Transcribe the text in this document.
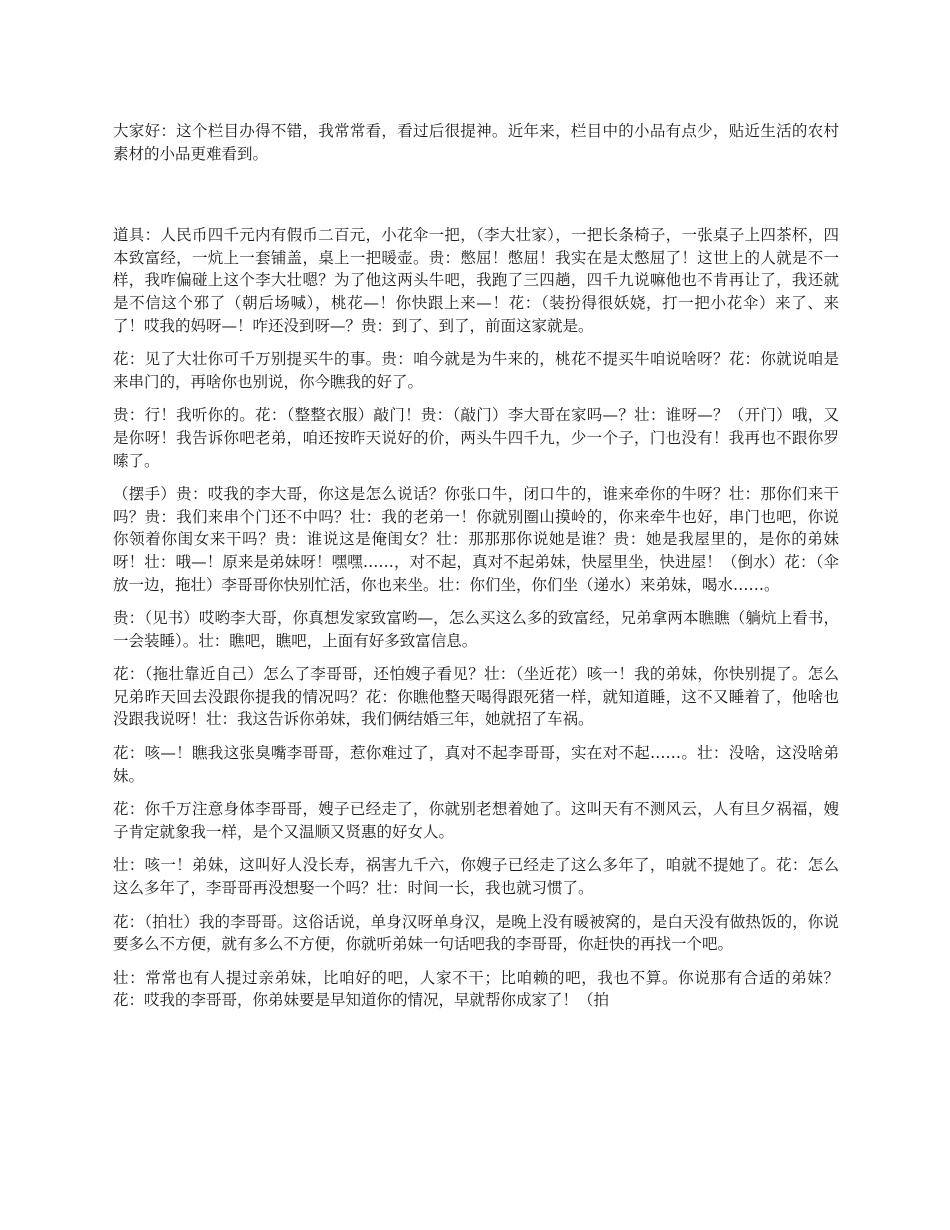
大家好：这个栏目办得不错，我常常看，看过后很提神。近年来，栏目中的小品有点少，贴近生活的农村素材的小品更难看到。

道具：人民币四千元内有假币二百元，小花伞一把，（李大壮家），一把长条椅子，一张桌子上四茶杯，四本致富经，一炕上一套铺盖，桌上一把暖壶。贵：憋屈！憋屈！我实在是太憋屈了！这世上的人就是不一样，我咋偏碰上这个李大壮嗯？为了他这两头牛吧，我跑了三四趟，四千九说嘛他也不肯再让了，我还就是不信这个邪了（朝后场喊），桃花—！你快跟上来—！花：（装扮得很妖娆，打一把小花伞）来了、来了！哎我的妈呀—！咋还没到呀—？贵：到了、到了，前面这家就是。

花：见了大壮你可千万别提买牛的事。贵：咱今就是为牛来的，桃花不提买牛咱说啥呀？花：你就说咱是来串门的，再啥你也别说，你今瞧我的好了。

贵：行！我听你的。花：（整整衣服）敲门！贵：（敲门）李大哥在家吗—？壮：谁呀—？（开门）哦，又是你呀！我告诉你吧老弟，咱还按昨天说好的价，两头牛四千九，少一个子，门也没有！我再也不跟你罗嗦了。

（摆手）贵：哎我的李大哥，你这是怎么说话？你张口牛，闭口牛的，谁来牵你的牛呀？壮：那你们来干吗？贵：我们来串个门还不中吗？壮：我的老弟一！你就别圈山摸岭的，你来牵牛也好，串门也吧，你说你领着你闺女来干吗？贵：谁说这是俺闺女？壮：那那那你说她是谁？贵：她是我屋里的，是你的弟妹呀！壮：哦—！原来是弟妹呀！嘿嘿……，对不起，真对不起弟妹，快屋里坐，快进屋！（倒水）花：（伞放一边，拖壮）李哥哥你快别忙活，你也来坐。壮：你们坐，你们坐（递水）来弟妹，喝水……。

贵：（见书）哎哟李大哥，你真想发家致富哟—，怎么买这么多的致富经，兄弟拿两本瞧瞧（躺炕上看书，一会装睡）。壮：瞧吧，瞧吧，上面有好多致富信息。

花：（拖壮靠近自己）怎么了李哥哥，还怕嫂子看见？壮：（坐近花）咳一！我的弟妹，你快别提了。怎么兄弟昨天回去没跟你提我的情况吗？花：你瞧他整天喝得跟死猪一样，就知道睡，这不又睡着了，他啥也没跟我说呀！壮：我这告诉你弟妹，我们俩结婚三年，她就招了车祸。

花：咳—！瞧我这张臭嘴李哥哥，惹你难过了，真对不起李哥哥，实在对不起……。壮：没啥，这没啥弟妹。

花：你千万注意身体李哥哥，嫂子已经走了，你就别老想着她了。这叫天有不测风云，人有旦夕祸福，嫂子肯定就象我一样，是个又温顺又贤惠的好女人。

壮：咳一！弟妹，这叫好人没长寿，祸害九千六，你嫂子已经走了这么多年了，咱就不提她了。花：怎么这么多年了，李哥哥再没想娶一个吗？壮：时间一长，我也就习惯了。

花：（拍壮）我的李哥哥。这俗话说，单身汉呀单身汉，是晚上没有暖被窝的，是白天没有做热饭的，你说要多么不方便，就有多么不方便，你就听弟妹一句话吧我的李哥哥，你赶快的再找一个吧。

壮：常常也有人提过亲弟妹，比咱好的吧，人家不干；比咱赖的吧，我也不算。你说那有合适的弟妹？花：哎我的李哥哥，你弟妹要是早知道你的情况，早就帮你成家了！（拍
